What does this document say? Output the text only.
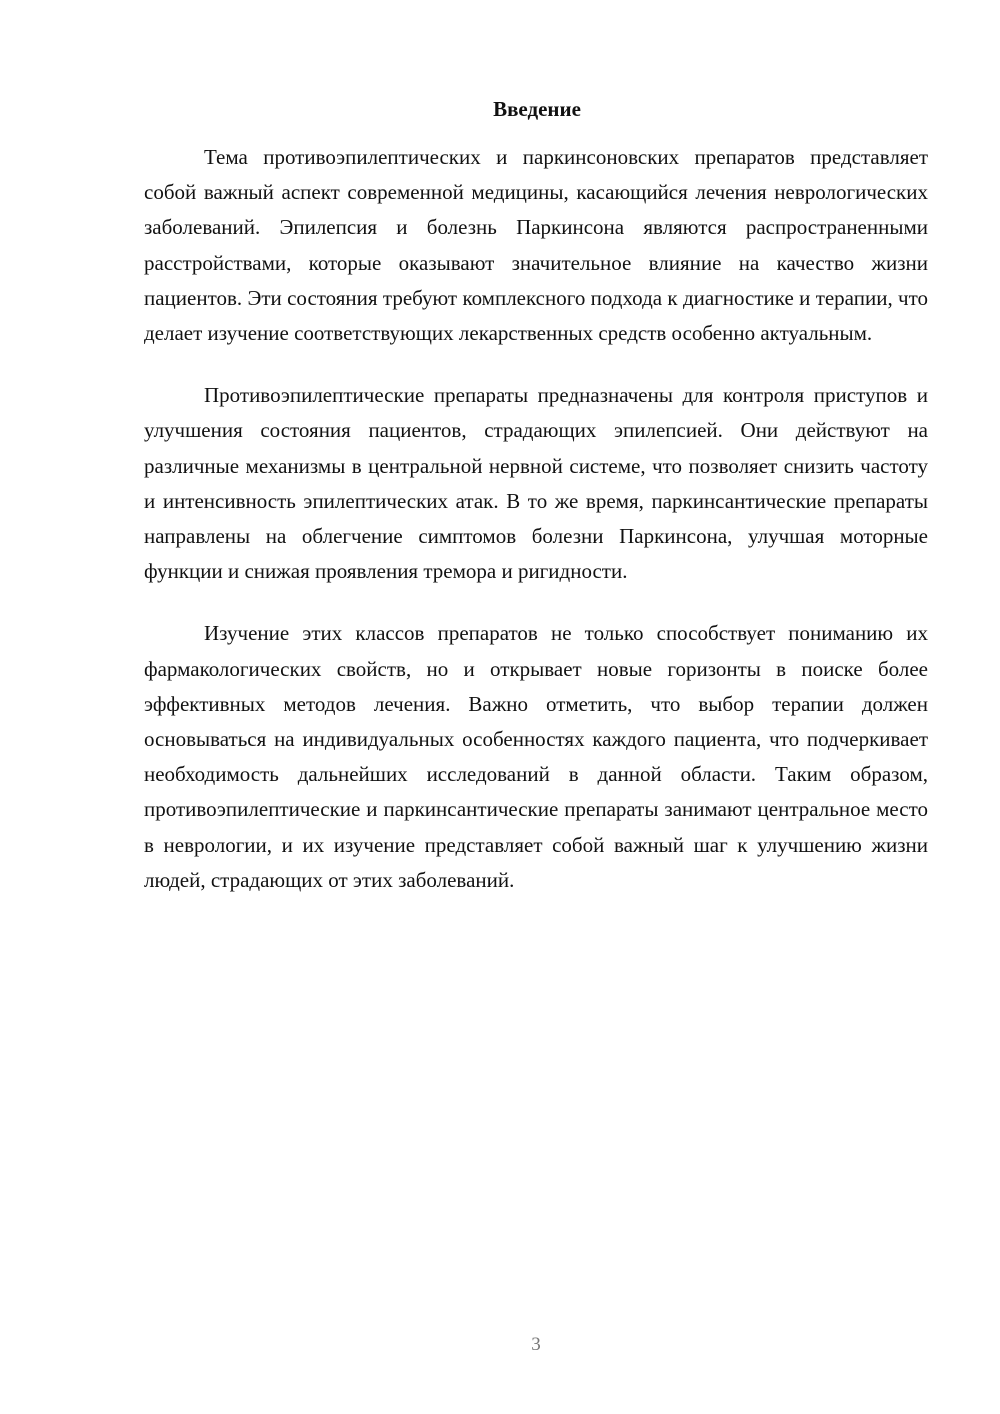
Введение

Тема противоэпилептических и паркинсоновских препаратов представляет собой важный аспект современной медицины, касающийся лечения неврологических заболеваний. Эпилепсия и болезнь Паркинсона являются распространенными расстройствами, которые оказывают значительное влияние на качество жизни пациентов. Эти состояния требуют комплексного подхода к диагностике и терапии, что делает изучение соответствующих лекарственных средств особенно актуальным.

Противоэпилептические препараты предназначены для контроля приступов и улучшения состояния пациентов, страдающих эпилепсией. Они действуют на различные механизмы в центральной нервной системе, что позволяет снизить частоту и интенсивность эпилептических атак. В то же время, паркинсантические препараты направлены на облегчение симптомов болезни Паркинсона, улучшая моторные функции и снижая проявления тремора и ригидности.

Изучение этих классов препаратов не только способствует пониманию их фармакологических свойств, но и открывает новые горизонты в поиске более эффективных методов лечения. Важно отметить, что выбор терапии должен основываться на индивидуальных особенностях каждого пациента, что подчеркивает необходимость дальнейших исследований в данной области. Таким образом, противоэпилептические и паркинсантические препараты занимают центральное место в неврологии, и их изучение представляет собой важный шаг к улучшению жизни людей, страдающих от этих заболеваний.

3
